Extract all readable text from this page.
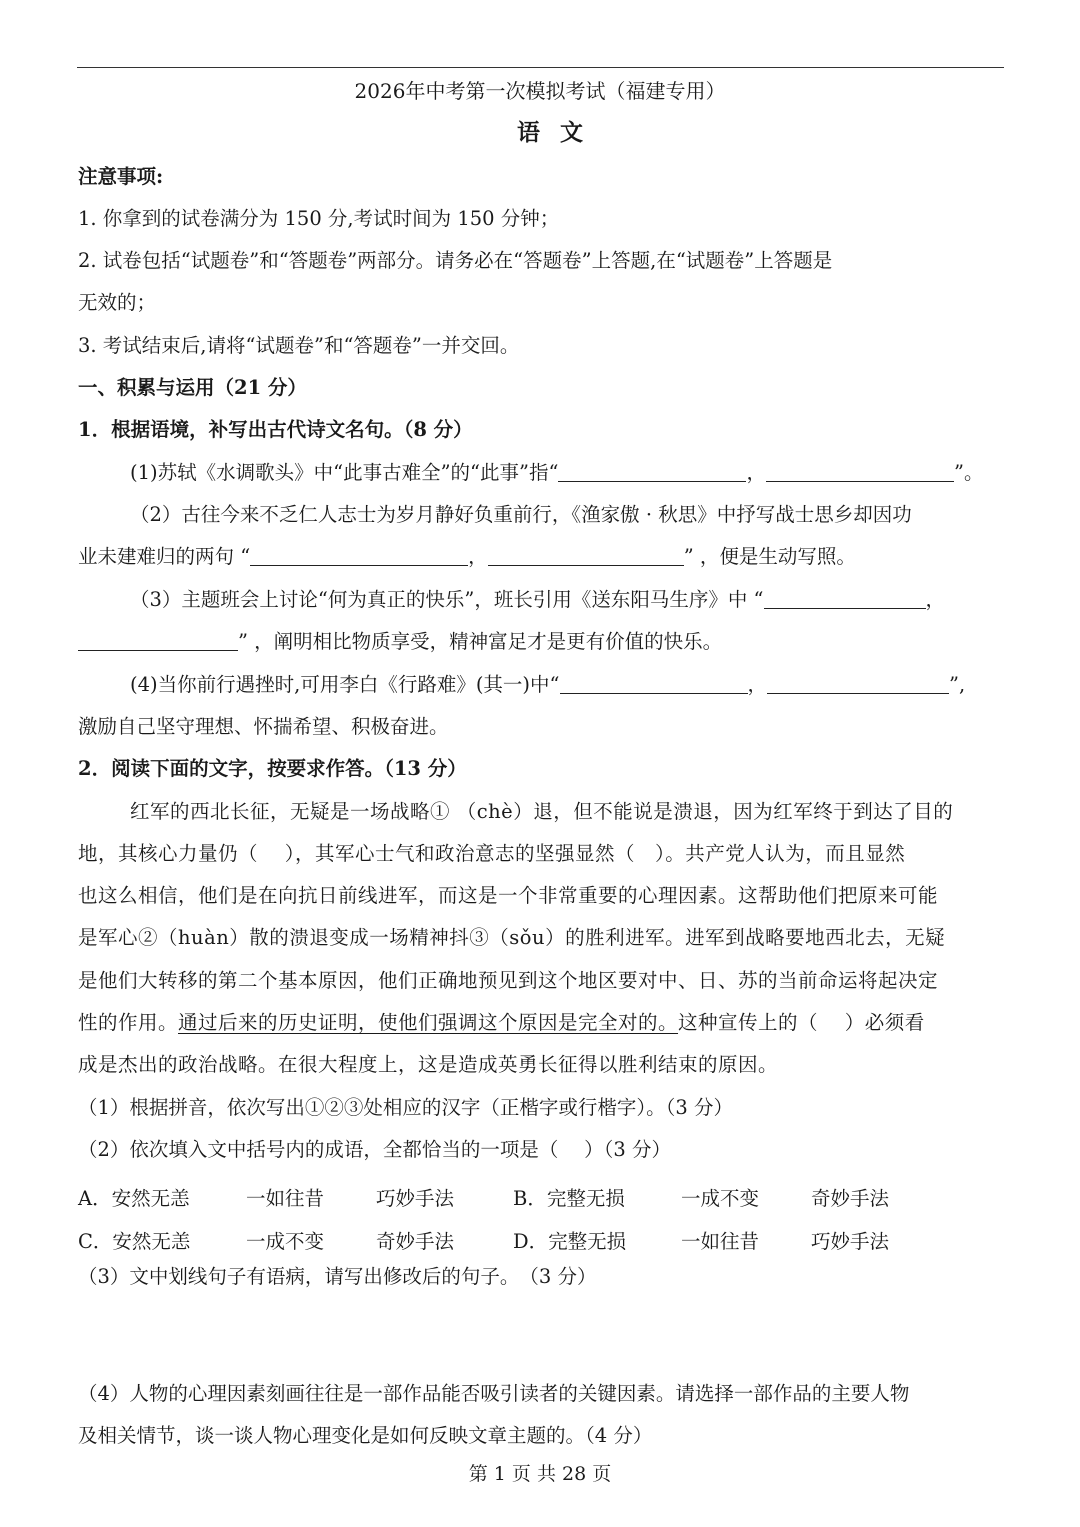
2026年中考第一次模拟考试（福建专用）
语文
注意事项:
1. 你拿到的试卷满分为 150 分,考试时间为 150 分钟；
2. 试卷包括“试题卷”和“答题卷”两部分。请务必在“答题卷”上答题,在“试题卷”上答题是
无效的；
3. 考试结束后,请将“试题卷”和“答题卷”一并交回。
一、积累与运用（21 分）
1．根据语境，补写出古代诗文名句。（8 分）
(1)苏轼《水调歌头》中“此事古难全”的“此事”指“	，	”。
（2）古往今来不乏仁人志士为岁月静好负重前行，《渔家傲 · 秋思》中抒写战士思乡却因功
业未建难归的两句 “	，	” ，便是生动写照。
（3）主题班会上讨论“何为真正的快乐”，班长引用《送东阳马生序》中 “	，
” ，阐明相比物质享受，精神富足才是更有价值的快乐。
(4)当你前行遇挫时,可用李白《行路难》(其一)中“	，	”,
激励自己坚守理想、怀揣希望、积极奋进。
2．阅读下面的文字，按要求作答。（13 分）
红军的西北长征，无疑是一场战略① （chè）退，但不能说是溃退，因为红军终于到达了目的
地，其核心力量仍（　 ），其军心士气和政治意志的坚强显然（　）。共产党人认为，而且显然
也这么相信，他们是在向抗日前线进军，而这是一个非常重要的心理因素。这帮助他们把原来可能
是军心②（huàn）散的溃退变成一场精神抖③（sǒu）的胜利进军。进军到战略要地西北去，无疑
是他们大转移的第二个基本原因，他们正确地预见到这个地区要对中、日、苏的当前命运将起决定
性的作用。通过后来的历史证明，使他们强调这个原因是完全对的。这种宣传上的（　 ）必须看
成是杰出的政治战略。在很大程度上，这是造成英勇长征得以胜利结束的原因。
（1）根据拼音，依次写出①②③处相应的汉字（正楷字或行楷字）。（3 分）
（2）依次填入文中括号内的成语，全都恰当的一项是（　 ）（3 分）
A．安然无恙	一如往昔	巧妙手法	B．完整无损	一成不变	奇妙手法
C．安然无恙	一成不变	奇妙手法	D．完整无损	一如往昔	巧妙手法
（3）文中划线句子有语病，请写出修改后的句子。　（3 分）
（4）人物的心理因素刻画往往是一部作品能否吸引读者的关键因素。请选择一部作品的主要人物
及相关情节，谈一谈人物心理变化是如何反映文章主题的。（4 分）
第 1 页 共 28 页
